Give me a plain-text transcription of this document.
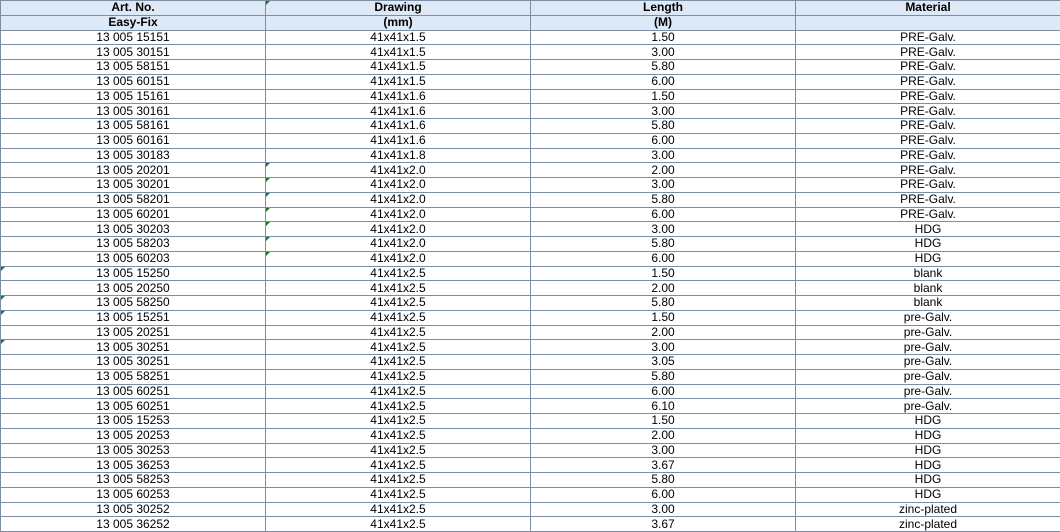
Art. No.	Drawing	Length	Material
Easy-Fix	(mm)	(M)	
13 005 15151	41x41x1.5	1.50	PRE-Galv.
13 005 30151	41x41x1.5	3.00	PRE-Galv.
13 005 58151	41x41x1.5	5.80	PRE-Galv.
13 005 60151	41x41x1.5	6.00	PRE-Galv.
13 005 15161	41x41x1.6	1.50	PRE-Galv.
13 005 30161	41x41x1.6	3.00	PRE-Galv.
13 005 58161	41x41x1.6	5.80	PRE-Galv.
13 005 60161	41x41x1.6	6.00	PRE-Galv.
13 005 30183	41x41x1.8	3.00	PRE-Galv.
13 005 20201	41x41x2.0	2.00	PRE-Galv.
13 005 30201	41x41x2.0	3.00	PRE-Galv.
13 005 58201	41x41x2.0	5.80	PRE-Galv.
13 005 60201	41x41x2.0	6.00	PRE-Galv.
13 005 30203	41x41x2.0	3.00	HDG
13 005 58203	41x41x2.0	5.80	HDG
13 005 60203	41x41x2.0	6.00	HDG
13 005 15250	41x41x2.5	1.50	blank
13 005 20250	41x41x2.5	2.00	blank
13 005 58250	41x41x2.5	5.80	blank
13 005 15251	41x41x2.5	1.50	pre-Galv.
13 005 20251	41x41x2.5	2.00	pre-Galv.
13 005 30251	41x41x2.5	3.00	pre-Galv.
13 005 30251	41x41x2.5	3.05	pre-Galv.
13 005 58251	41x41x2.5	5.80	pre-Galv.
13 005 60251	41x41x2.5	6.00	pre-Galv.
13 005 60251	41x41x2.5	6.10	pre-Galv.
13 005 15253	41x41x2.5	1.50	HDG
13 005 20253	41x41x2.5	2.00	HDG
13 005 30253	41x41x2.5	3.00	HDG
13 005 36253	41x41x2.5	3.67	HDG
13 005 58253	41x41x2.5	5.80	HDG
13 005 60253	41x41x2.5	6.00	HDG
13 005 30252	41x41x2.5	3.00	zinc-plated
13 005 36252	41x41x2.5	3.67	zinc-plated
